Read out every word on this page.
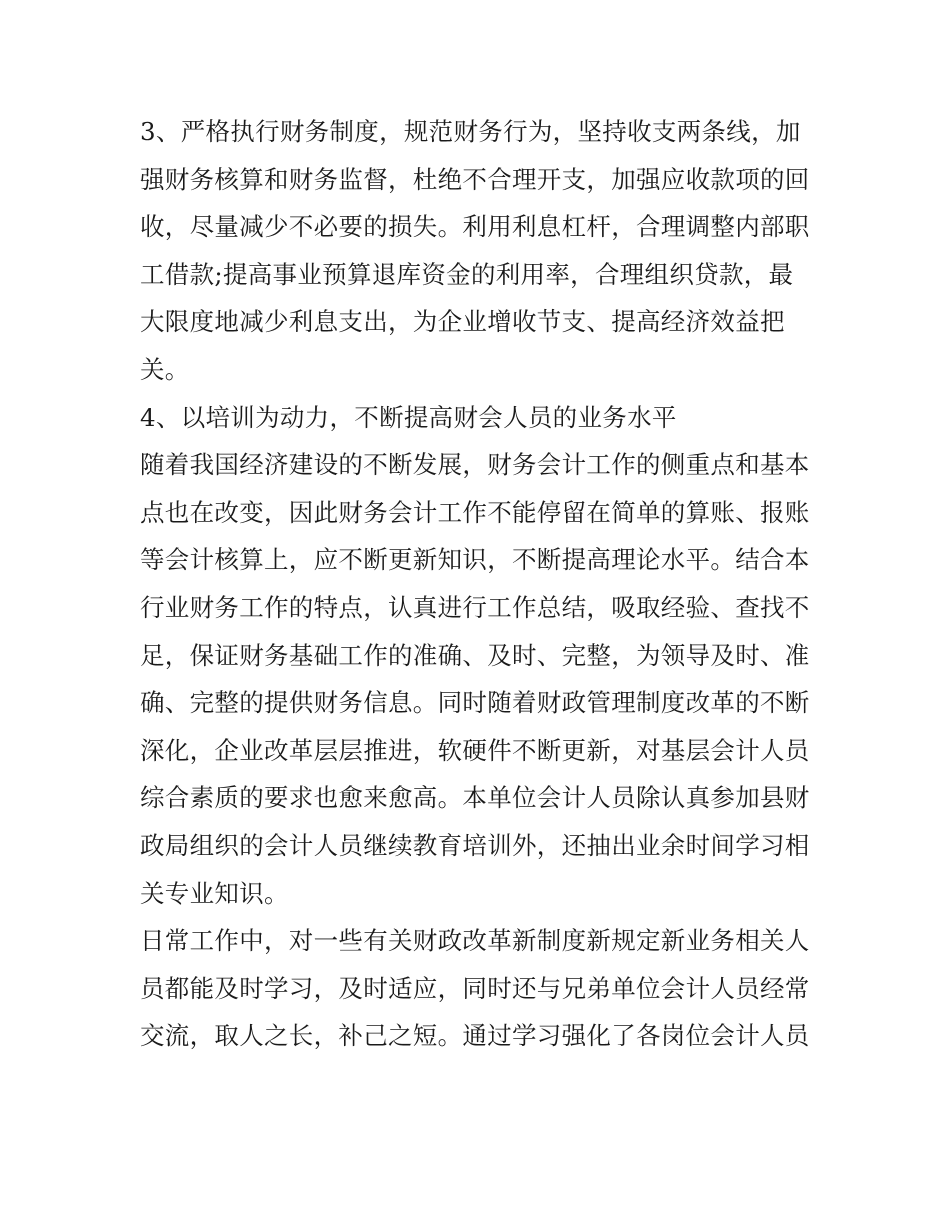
3、严格执行财务制度，规范财务行为，坚持收支两条线，加
强财务核算和财务监督，杜绝不合理开支，加强应收款项的回
收，尽量减少不必要的损失。利用利息杠杆，合理调整内部职
工借款;提高事业预算退库资金的利用率，合理组织贷款，最
大限度地减少利息支出，为企业增收节支、提高经济效益把
关。
4、以培训为动力，不断提高财会人员的业务水平
随着我国经济建设的不断发展，财务会计工作的侧重点和基本
点也在改变，因此财务会计工作不能停留在简单的算账、报账
等会计核算上，应不断更新知识，不断提高理论水平。结合本
行业财务工作的特点，认真进行工作总结，吸取经验、查找不
足，保证财务基础工作的准确、及时、完整，为领导及时、准
确、完整的提供财务信息。同时随着财政管理制度改革的不断
深化，企业改革层层推进，软硬件不断更新，对基层会计人员
综合素质的要求也愈来愈高。本单位会计人员除认真参加县财
政局组织的会计人员继续教育培训外，还抽出业余时间学习相
关专业知识。
日常工作中，对一些有关财政改革新制度新规定新业务相关人
员都能及时学习，及时适应，同时还与兄弟单位会计人员经常
交流，取人之长，补己之短。通过学习强化了各岗位会计人员
